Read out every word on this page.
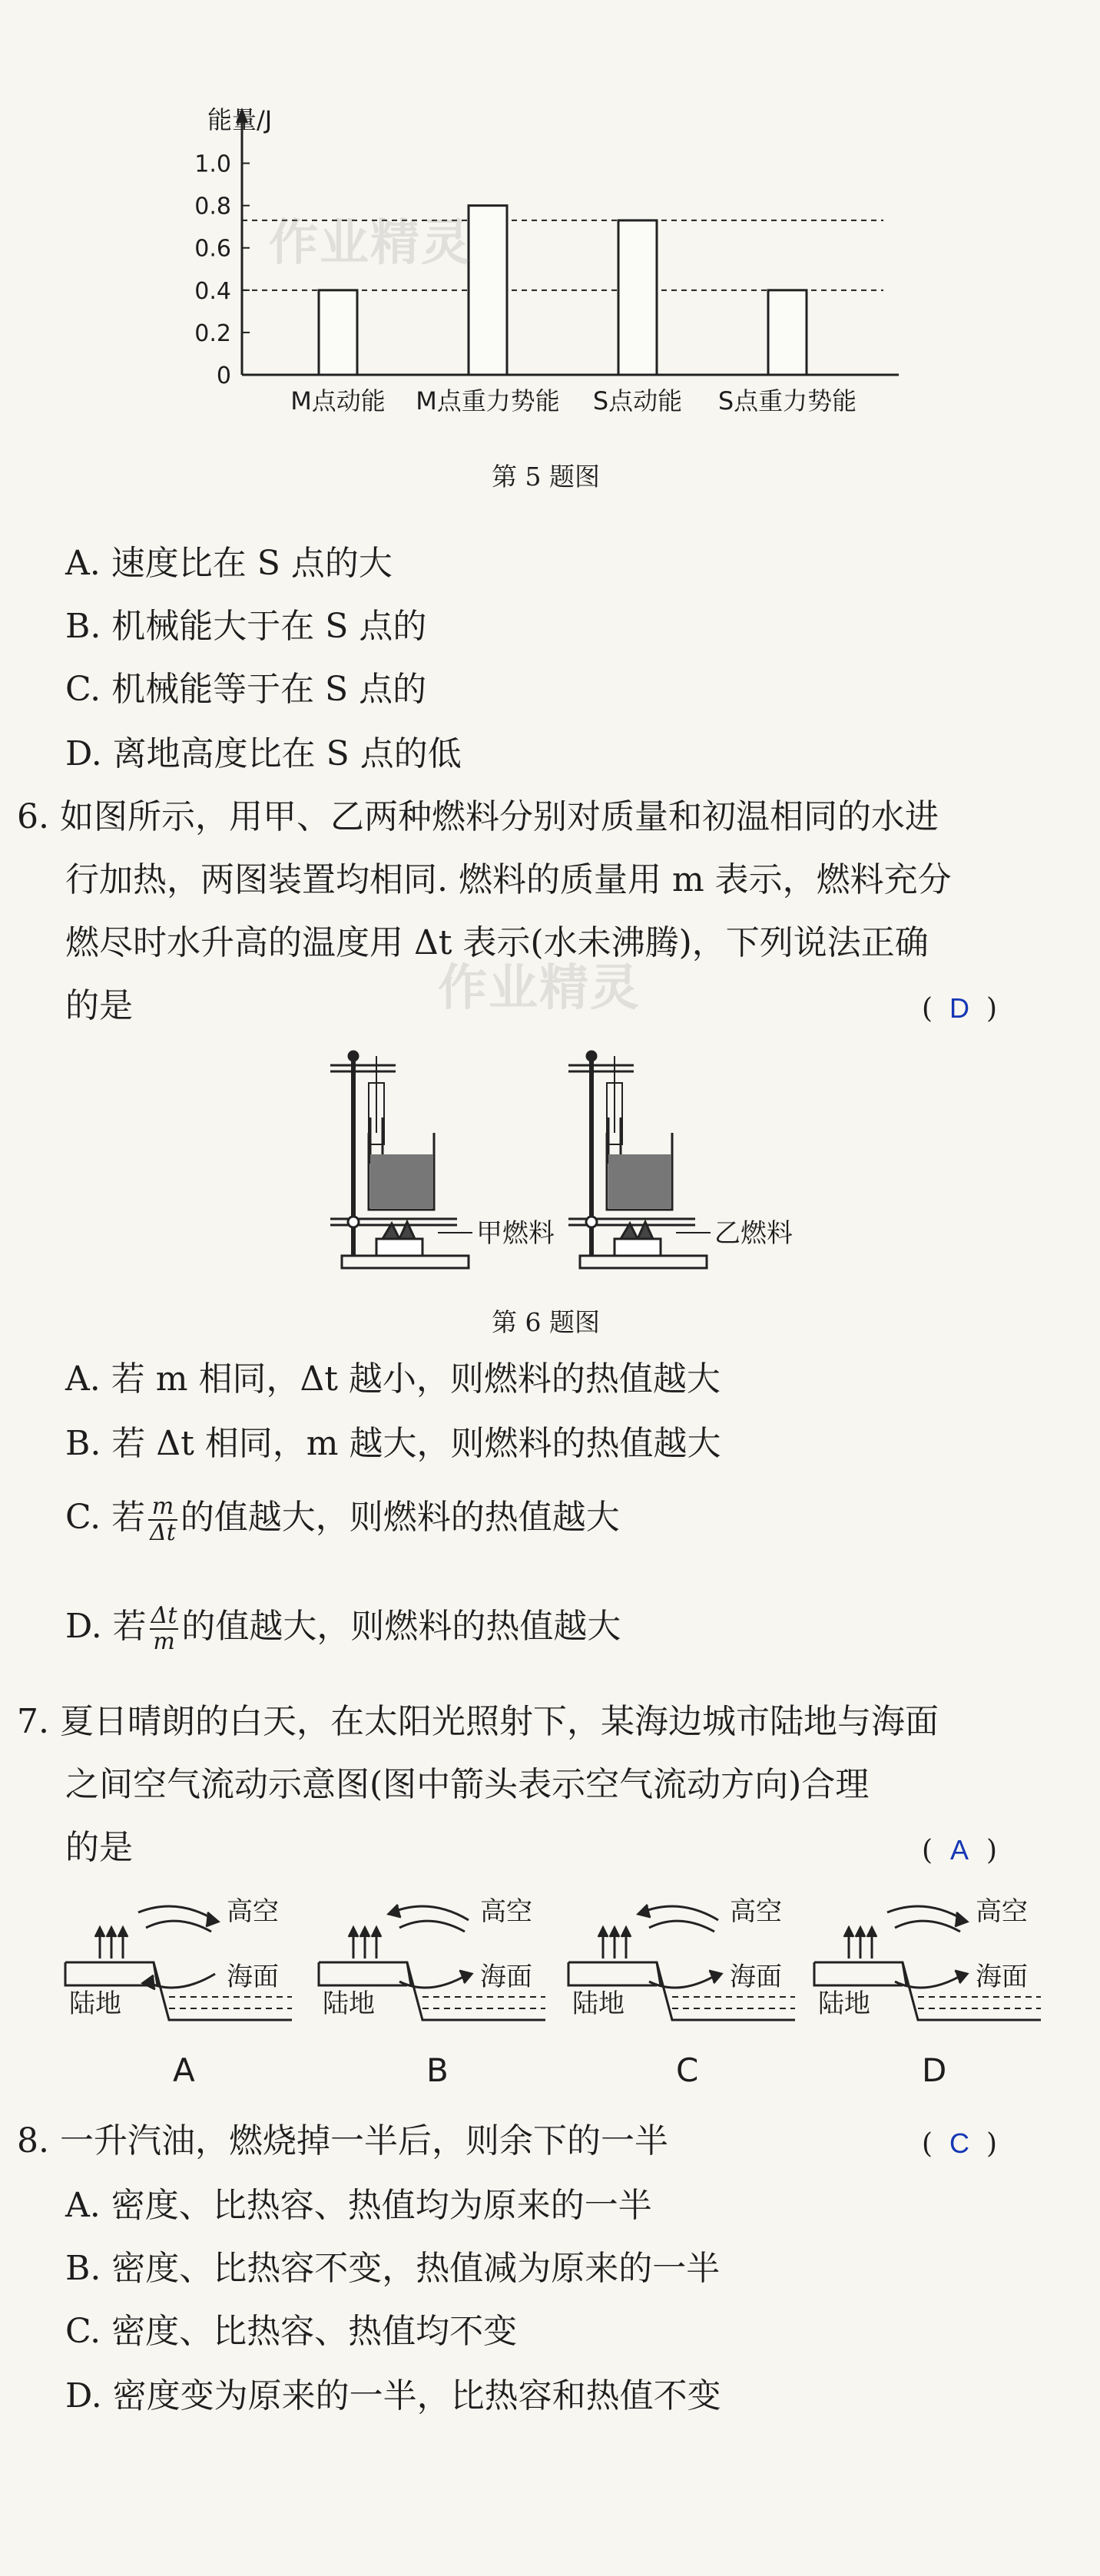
能量/J
0
0.2
0.4
0.6
0.8
1.0
M点动能 M点重力势能 S点动能 S点重力势能
作业精灵
第 5 题图
A. 速度比在 S 点的大
B. 机械能大于在 S 点的
C. 机械能等于在 S 点的
D. 离地高度比在 S 点的低
6. 如图所示，用甲、乙两种燃料分别对质量和初温相同的水进
行加热，两图装置均相同. 燃料的质量用 m 表示，燃料充分
燃尽时水升高的温度用 Δt 表示(水未沸腾)，下列说法正确
的是	( D )
作业精灵
甲燃料	乙燃料
第 6 题图
A. 若 m 相同，Δt 越小，则燃料的热值越大
B. 若 Δt 相同，m 越大，则燃料的热值越大
C. 若 $\frac{m}{\Delta t}$ 的值越大，则燃料的热值越大
D. 若 $\frac{\Delta t}{m}$ 的值越大，则燃料的热值越大
7. 夏日晴朗的白天，在太阳光照射下，某海边城市陆地与海面
之间空气流动示意图(图中箭头表示空气流动方向)合理
的是	( A )
高空
海面
陆地
A
高空
海面
陆地
B
高空
海面
陆地
C
高空
海面
陆地
D
8. 一升汽油，燃烧掉一半后，则余下的一半	( C )
A. 密度、比热容、热值均为原来的一半
B. 密度、比热容不变，热值减为原来的一半
C. 密度、比热容、热值均不变
D. 密度变为原来的一半，比热容和热值不变
